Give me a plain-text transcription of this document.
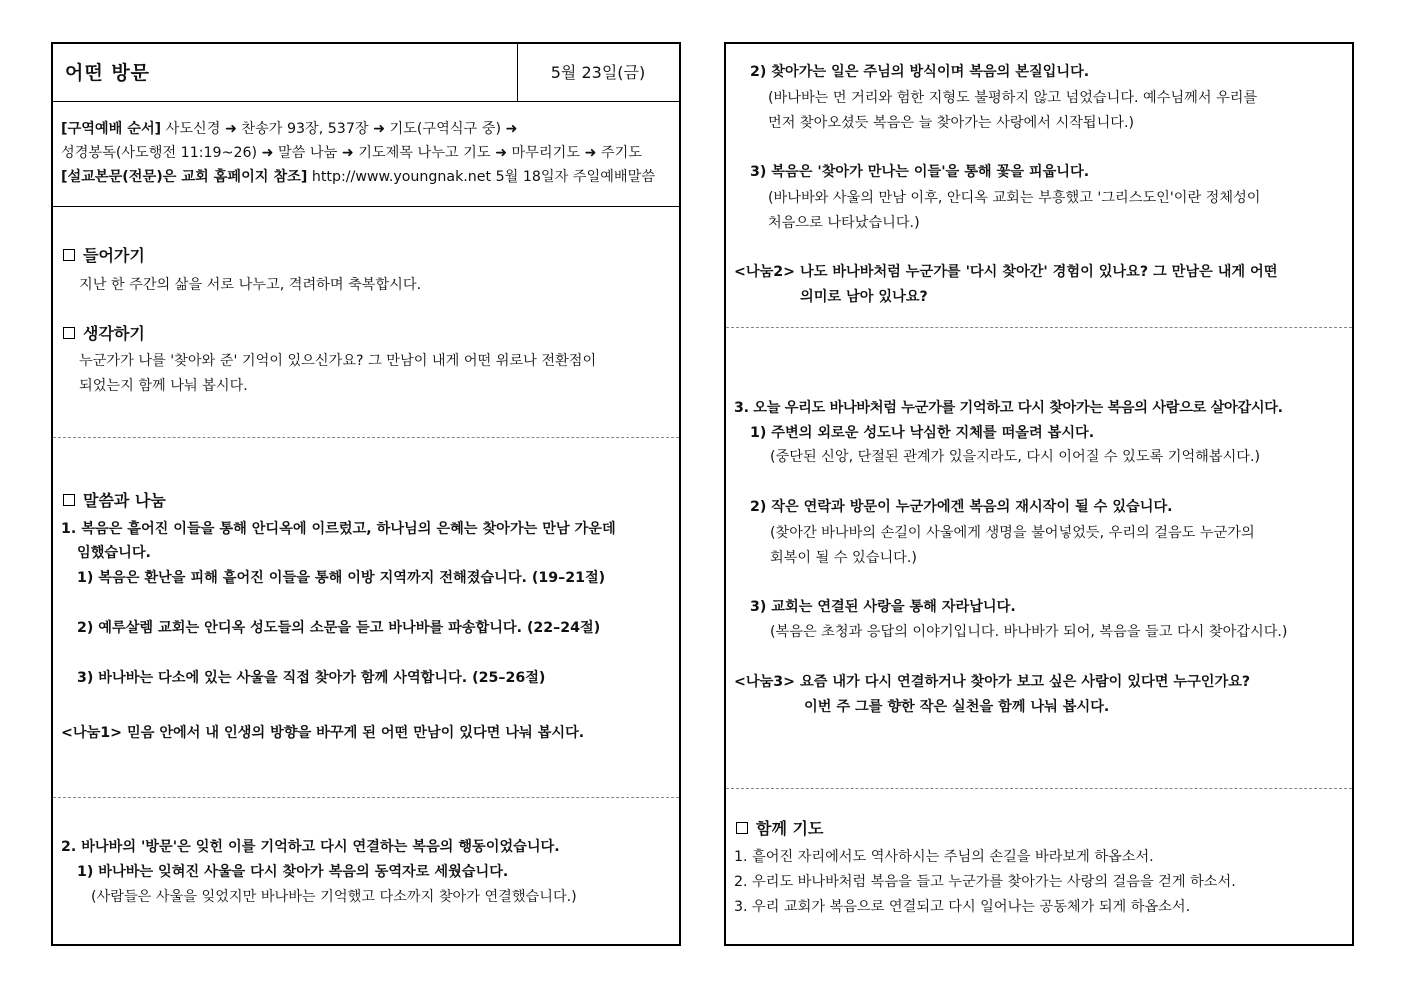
어떤 방문	5월 23일(금)
[구역예배 순서] 사도신경 ➜ 찬송가 93장, 537장 ➜ 기도(구역식구 중) ➜
성경봉독(사도행전 11:19~26) ➜ 말씀 나눔 ➜ 기도제목 나누고 기도 ➜ 마무리기도 ➜ 주기도
[설교본문(전문)은 교회 홈페이지 참조] http://www.youngnak.net 5월 18일자 주일예배말씀
들어가기
지난 한 주간의 삶을 서로 나누고, 격려하며 축복합시다.
생각하기
누군가가 나를 '찾아와 준' 기억이 있으신가요? 그 만남이 내게 어떤 위로나 전환점이
되었는지 함께 나눠 봅시다.
말씀과 나눔
1. 복음은 흩어진 이들을 통해 안디옥에 이르렀고, 하나님의 은혜는 찾아가는 만남 가운데
임했습니다.
1) 복음은 환난을 피해 흩어진 이들을 통해 이방 지역까지 전해졌습니다. (19–21절)
2) 예루살렘 교회는 안디옥 성도들의 소문을 듣고 바나바를 파송합니다. (22–24절)
3) 바나바는 다소에 있는 사울을 직접 찾아가 함께 사역합니다. (25–26절)
<나눔1> 믿음 안에서 내 인생의 방향을 바꾸게 된 어떤 만남이 있다면 나눠 봅시다.
2. 바나바의 '방문'은 잊힌 이를 기억하고 다시 연결하는 복음의 행동이었습니다.
1) 바나바는 잊혀진 사울을 다시 찾아가 복음의 동역자로 세웠습니다.
(사람들은 사울을 잊었지만 바나바는 기억했고 다소까지 찾아가 연결했습니다.)
2) 찾아가는 일은 주님의 방식이며 복음의 본질입니다.
(바나바는 먼 거리와 험한 지형도 불평하지 않고 넘었습니다. 예수님께서 우리를
먼저 찾아오셨듯 복음은 늘 찾아가는 사랑에서 시작됩니다.)
3) 복음은 '찾아가 만나는 이들'을 통해 꽃을 피웁니다.
(바나바와 사울의 만남 이후, 안디옥 교회는 부흥했고 '그리스도인'이란 정체성이
처음으로 나타났습니다.)
<나눔2> 나도 바나바처럼 누군가를 '다시 찾아간' 경험이 있나요? 그 만남은 내게 어떤
의미로 남아 있나요?
3. 오늘 우리도 바나바처럼 누군가를 기억하고 다시 찾아가는 복음의 사람으로 살아갑시다.
1) 주변의 외로운 성도나 낙심한 지체를 떠올려 봅시다.
(중단된 신앙, 단절된 관계가 있을지라도, 다시 이어질 수 있도록 기억해봅시다.)
2) 작은 연락과 방문이 누군가에겐 복음의 재시작이 될 수 있습니다.
(찾아간 바나바의 손길이 사울에게 생명을 불어넣었듯, 우리의 걸음도 누군가의
회복이 될 수 있습니다.)
3) 교회는 연결된 사랑을 통해 자라납니다.
(복음은 초청과 응답의 이야기입니다. 바나바가 되어, 복음을 들고 다시 찾아갑시다.)
<나눔3> 요즘 내가 다시 연결하거나 찾아가 보고 싶은 사람이 있다면 누구인가요?
이번 주 그를 향한 작은 실천을 함께 나눠 봅시다.
함께 기도
1. 흩어진 자리에서도 역사하시는 주님의 손길을 바라보게 하옵소서.
2. 우리도 바나바처럼 복음을 들고 누군가를 찾아가는 사랑의 걸음을 걷게 하소서.
3. 우리 교회가 복음으로 연결되고 다시 일어나는 공동체가 되게 하옵소서.
